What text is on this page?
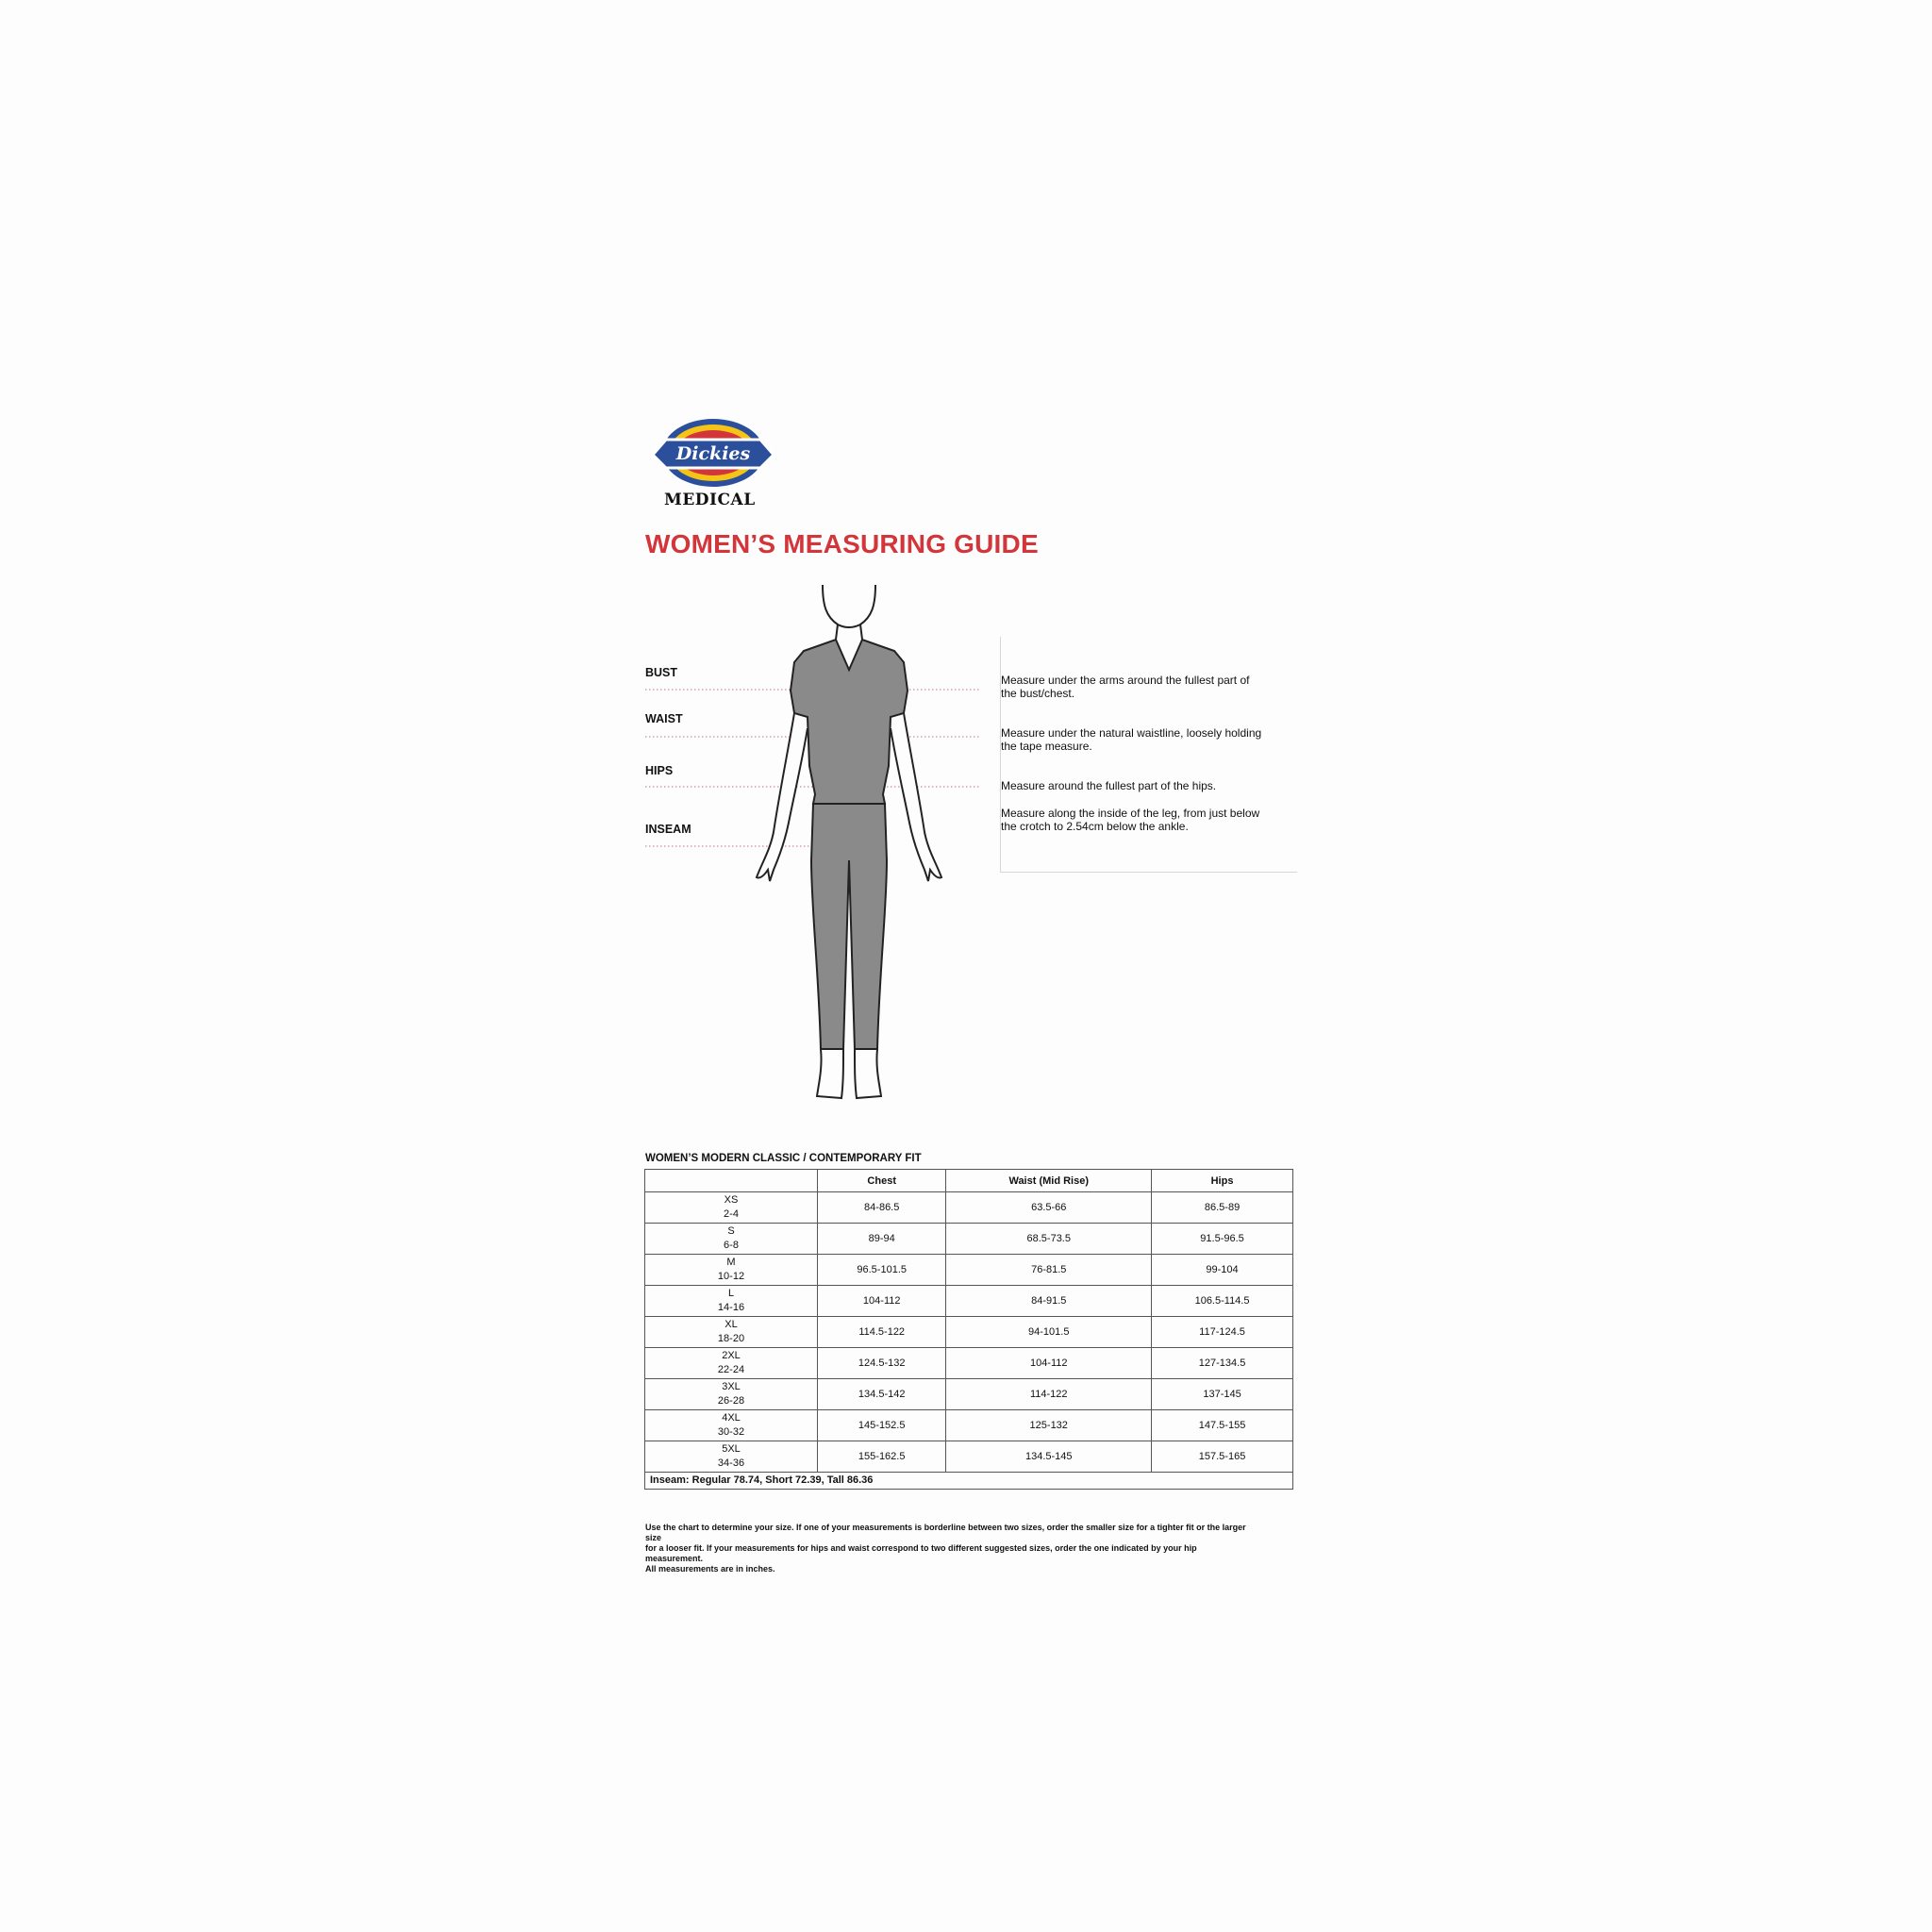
Dickies
MEDICAL
WOMEN’S MEASURING GUIDE
BUST
WAIST
HIPS
INSEAM
Measure under the arms around the fullest part of the bust/chest.
Measure under the natural waistline, loosely holding the tape measure.
Measure around the fullest part of the hips.
Measure along the inside of the leg, from just below the crotch to 2.54cm below the ankle.
WOMEN’S MODERN CLASSIC / CONTEMPORARY FIT
	Chest	Waist (Mid Rise)	Hips

XS
2-4	84-86.5	63.5-66	86.5-89

S
6-8	89-94	68.5-73.5	91.5-96.5

M
10-12	96.5-101.5	76-81.5	99-104

L
14-16	104-112	84-91.5	106.5-114.5

XL
18-20	114.5-122	94-101.5	117-124.5

2XL
22-24	124.5-132	104-112	127-134.5

3XL
26-28	134.5-142	114-122	137-145

4XL
30-32	145-152.5	125-132	147.5-155

5XL
34-36	155-162.5	134.5-145	157.5-165
Inseam: Regular 78.74, Short 72.39, Tall 86.36			
Use the chart to determine your size. If one of your measurements is borderline between two sizes, order the smaller size for a tighter fit or the larger size
for a looser fit. If your measurements for hips and waist correspond to two different suggested sizes, order the one indicated by your hip measurement.
All measurements are in inches.
